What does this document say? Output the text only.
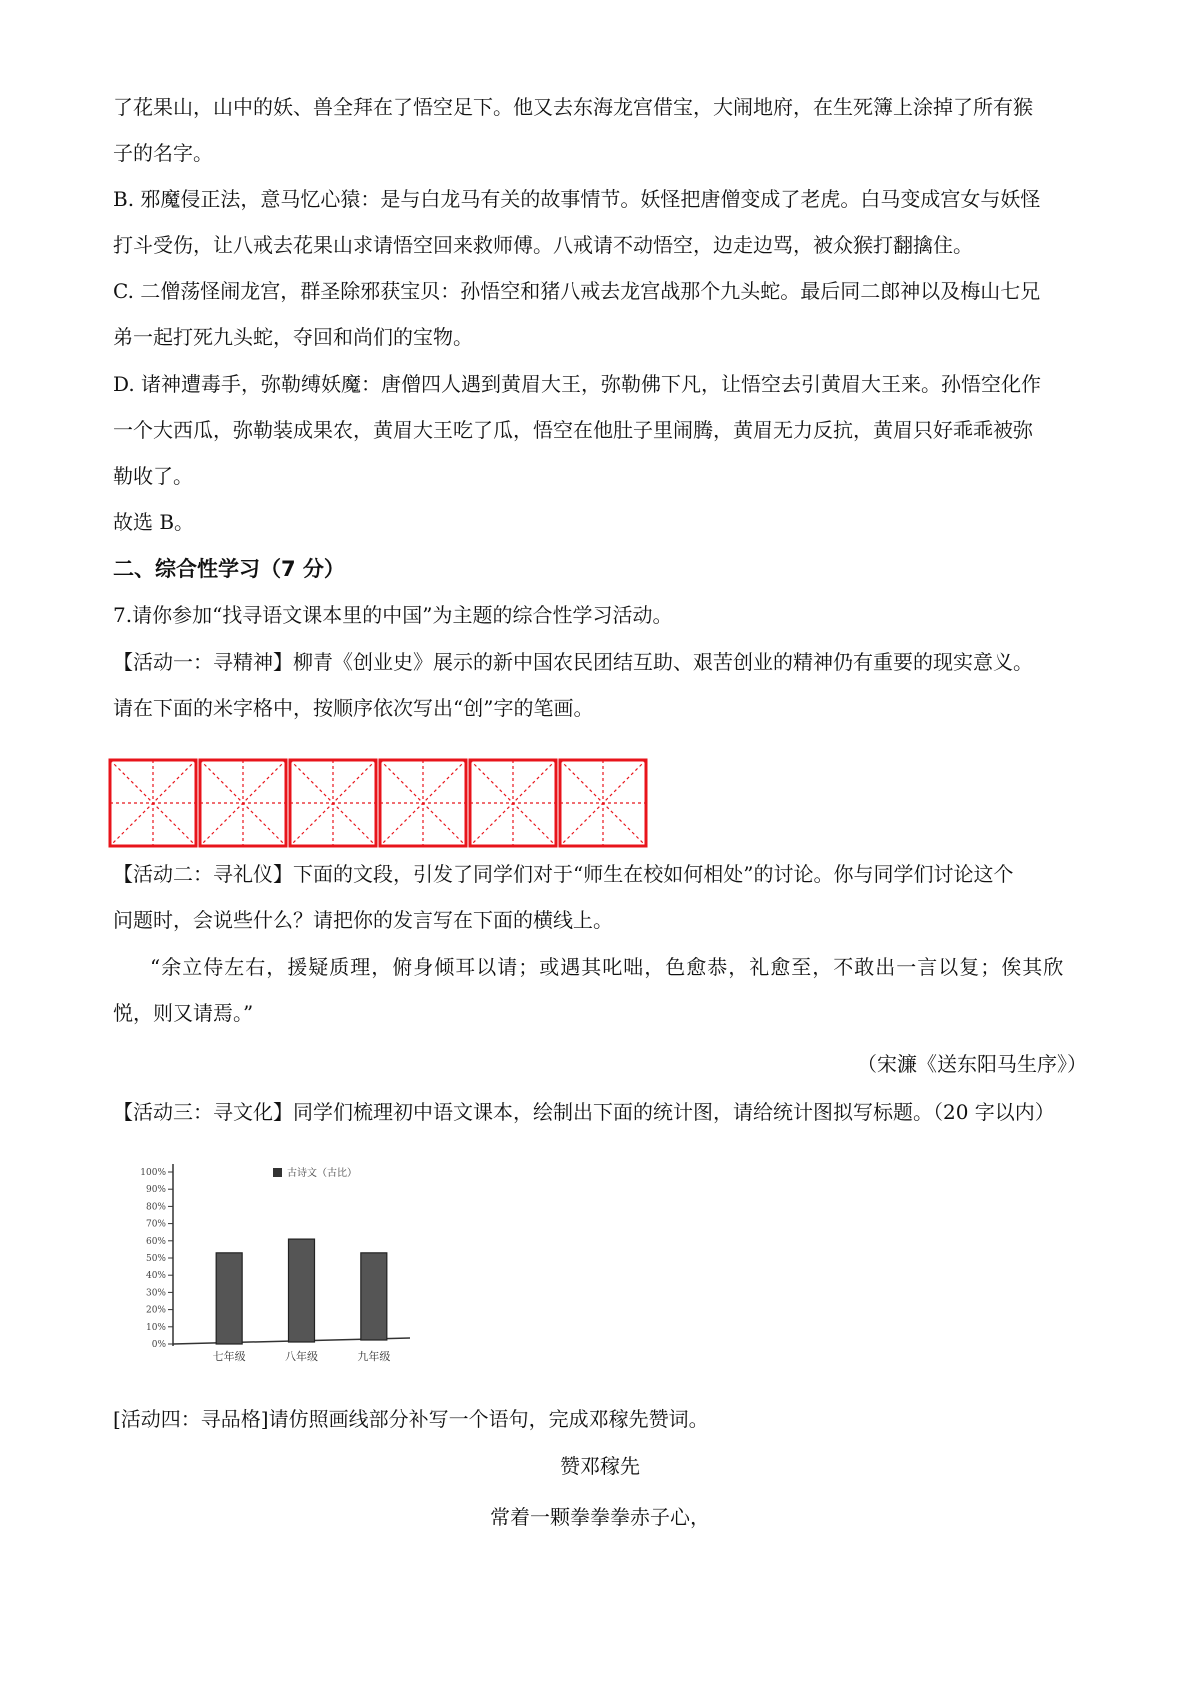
了花果山，山中的妖、兽全拜在了悟空足下。他又去东海龙宫借宝，大闹地府，在生死簿上涂掉了所有猴
子的名字。
B. 邪魔侵正法，意马忆心猿：是与白龙马有关的故事情节。妖怪把唐僧变成了老虎。白马变成宫女与妖怪
打斗受伤，让八戒去花果山求请悟空回来救师傅。八戒请不动悟空，边走边骂，被众猴打翻擒住。
C. 二僧荡怪闹龙宫，群圣除邪获宝贝：孙悟空和猪八戒去龙宫战那个九头蛇。最后同二郎神以及梅山七兄
弟一起打死九头蛇，夺回和尚们的宝物。
D. 诸神遭毒手，弥勒缚妖魔：唐僧四人遇到黄眉大王，弥勒佛下凡，让悟空去引黄眉大王来。孙悟空化作
一个大西瓜，弥勒装成果农，黄眉大王吃了瓜，悟空在他肚子里闹腾，黄眉无力反抗，黄眉只好乖乖被弥
勒收了。
故选 B。
二、综合性学习（7 分）
7.请你参加“找寻语文课本里的中国”为主题的综合性学习活动。
【活动一：寻精神】柳青《创业史》展示的新中国农民团结互助、艰苦创业的精神仍有重要的现实意义。
请在下面的米字格中，按顺序依次写出“创”字的笔画。
【活动二：寻礼仪】下面的文段，引发了同学们对于“师生在校如何相处”的讨论。你与同学们讨论这个
问题时，会说些什么？请把你的发言写在下面的横线上。
“余立侍左右，援疑质理，俯身倾耳以请；或遇其叱咄，色愈恭，礼愈至，不敢出一言以复；俟其欣
悦，则又请焉。”
（宋濂《送东阳马生序》）
【活动三：寻文化】同学们梳理初中语文课本，绘制出下面的统计图，请给统计图拟写标题。（20 字以内）
0%
10%
20%
30%
40%
50%
60%
70%
80%
90%
100%
七年级	八年级	九年级
古诗文（古比）
[活动四：寻品格]请仿照画线部分补写一个语句，完成邓稼先赞词。
赞邓稼先
常着一颗拳拳拳赤子心，
